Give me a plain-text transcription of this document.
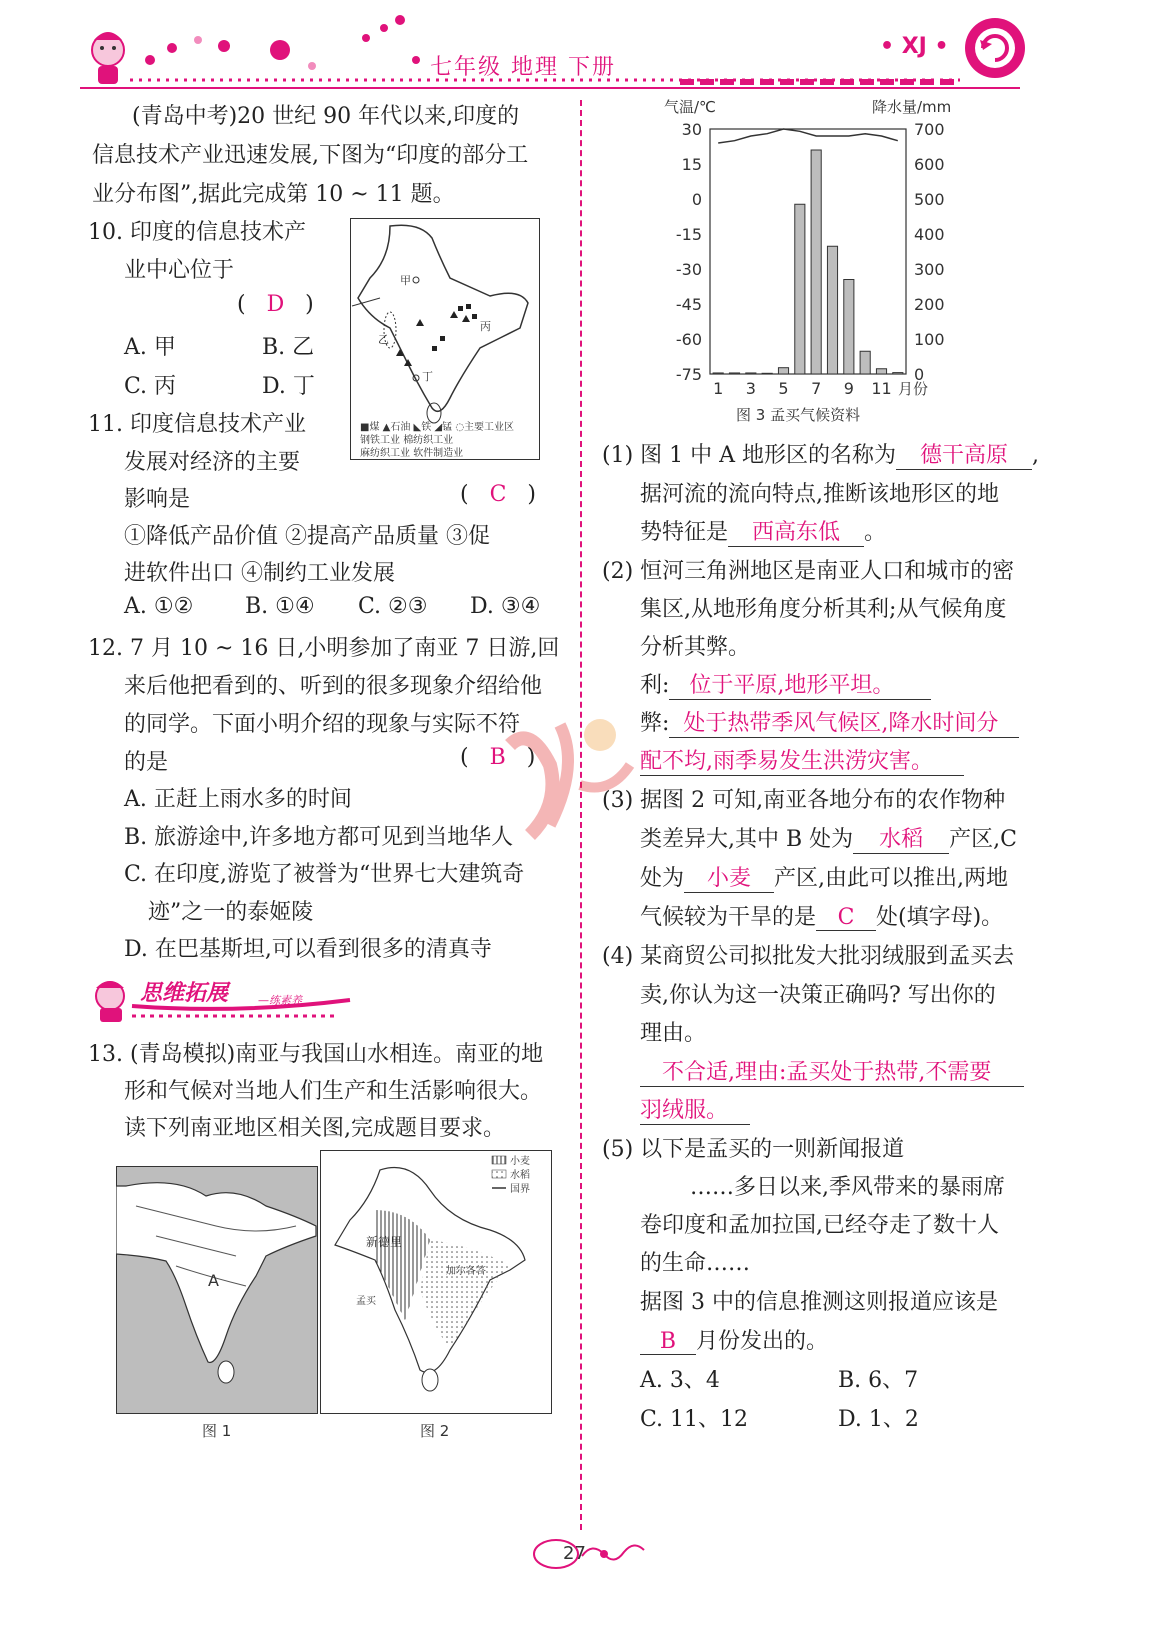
七年级 地理 下册
• XJ •
(青岛中考)20 世纪 90 年代以来,印度的
信息技术产业迅速发展,下图为“印度的部分工
业分布图”,据此完成第 10 ~ 11 题。
10. 印度的信息技术产
业中心位于
(   D   )
A. 甲	B. 乙
C. 丙	D. 丁
甲
乙
丙
丁
■煤 ▲石油 ◣铁 ◢锰 ◌主要工业区
钢铁工业 棉纺织工业
麻纺织工业 软件制造业
11. 印度信息技术产业
发展对经济的主要
影响是	(   C   )
①降低产品价值 ②提高产品质量 ③促
进软件出口 ④制约工业发展
A. ①② B. ①④ C. ②③ D. ③④
12. 7 月 10 ~ 16 日,小明参加了南亚 7 日游,回
来后他把看到的、听到的很多现象介绍给他
的同学。下面小明介绍的现象与实际不符
的是	(   B   )
A. 正赶上雨水多的时间
B. 旅游途中,许多地方都可见到当地华人
C. 在印度,游览了被誉为“世界七大建筑奇
迹”之一的泰姬陵
D. 在巴基斯坦,可以看到很多的清真寺
思维拓展	—练素养
13. (青岛模拟)南亚与我国山水相连。南亚的地
形和气候对当地人们生产和生活影响很大。
读下列南亚地区相关图,完成题目要求。
A
图 1
小麦
水稻
国界
新德里
孟买
加尔各答
图 2
气温/℃	降水量/mm
30
15
0
-15
-30
-45
-60
-75
700
600
500
400
300
200
100
0
1 3 5 7 9 11 月份
图 3 孟买气候资料
(1) 图 1 中 A 地形区的名称为 德干高原 ,
据河流的流向特点,推断该地形区的地
势特征是 西高东低 。
(2) 恒河三角洲地区是南亚人口和城市的密
集区,从地形角度分析其利;从气候角度
分析其弊。
利: 位于平原,地形平坦。
弊: 处于热带季风气候区,降水时间分
配不均,雨季易发生洪涝灾害。
(3) 据图 2 可知,南亚各地分布的农作物种
类差异大,其中 B 处为 水稻 产区,C
处为 小麦 产区,由此可以推出,两地
气候较为干旱的是 C 处(填字母)。
(4) 某商贸公司拟批发大批羽绒服到孟买去
卖,你认为这一决策正确吗? 写出你的
理由。
不合适,理由:孟买处于热带,不需要
羽绒服。
(5) 以下是孟买的一则新闻报道
……多日以来,季风带来的暴雨席
卷印度和孟加拉国,已经夺走了数十人
的生命……
据图 3 中的信息推测这则报道应该是
B 月份发出的。
A. 3、4	B. 6、7
C. 11、12	D. 1、2
27
